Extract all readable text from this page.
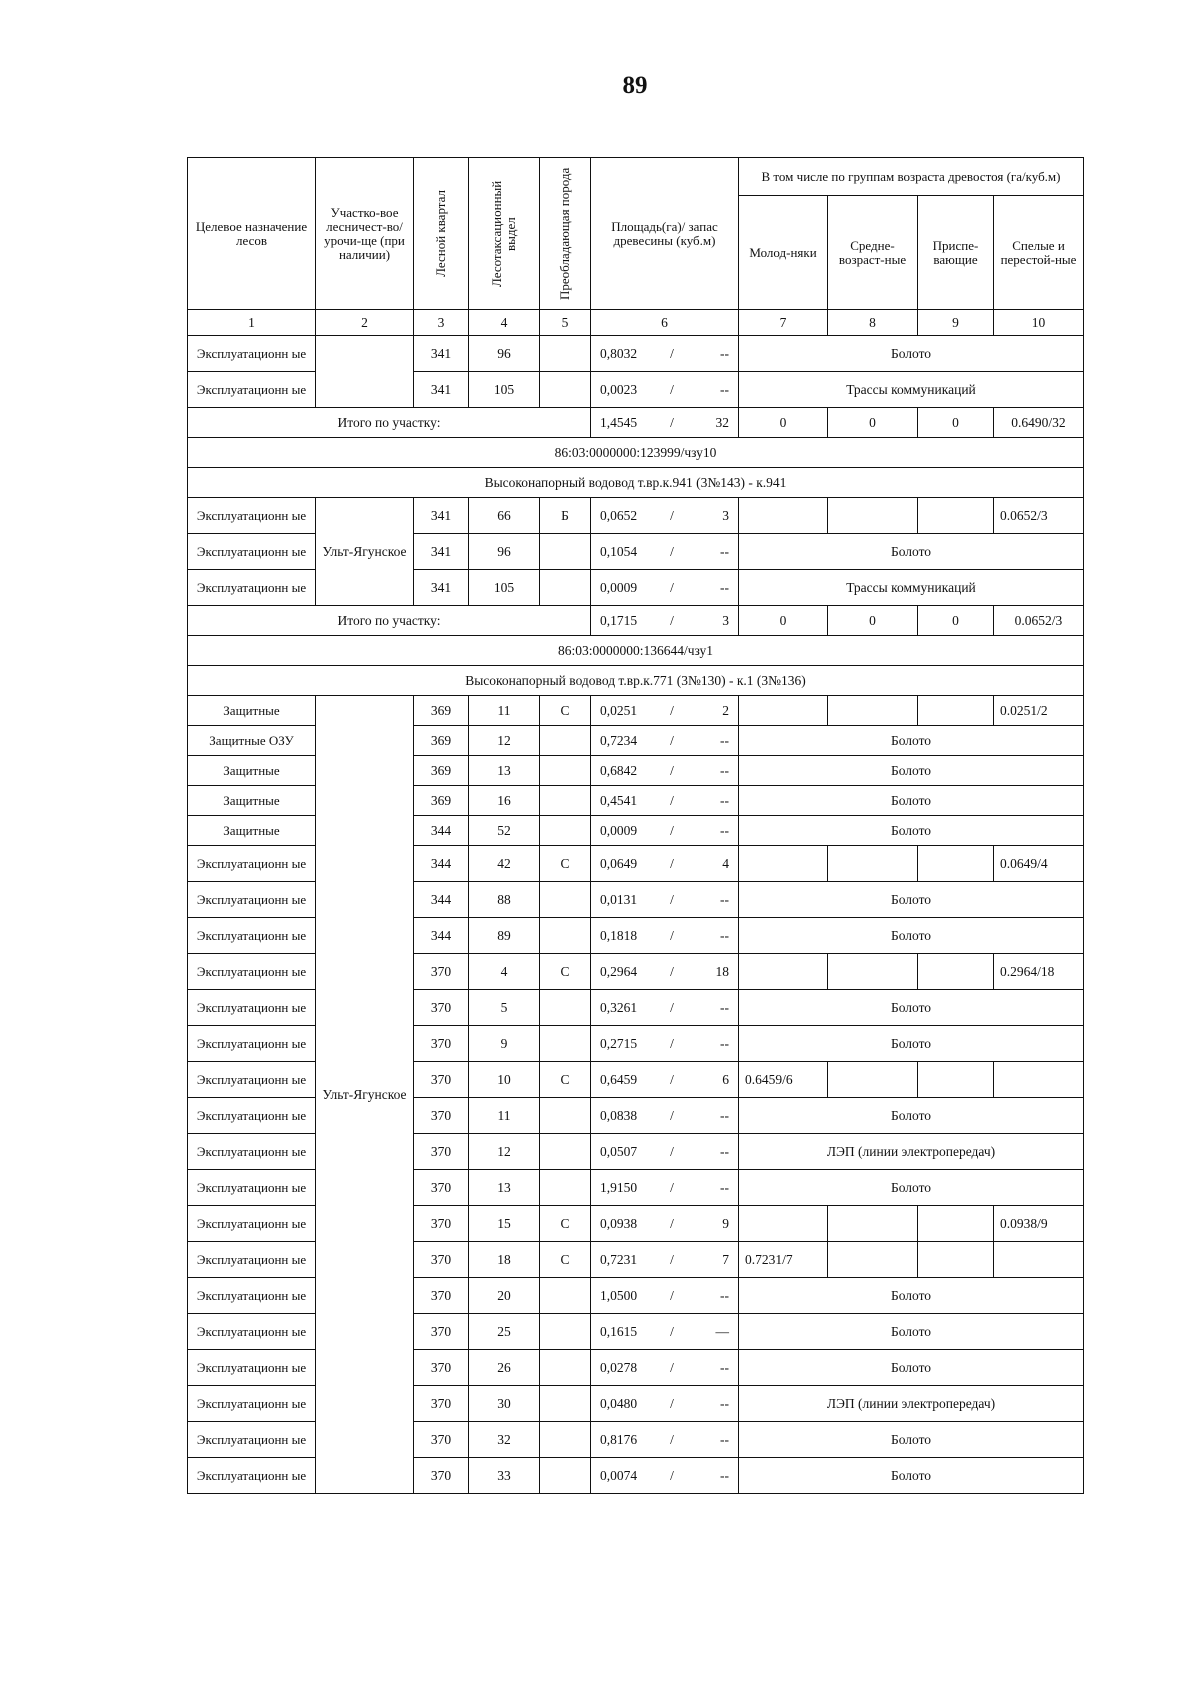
89
Целевое назначение лесов	Участко-вое лесничест-во/урочи-ще (при наличии)	Лесной квартал	Лесотаксационный выдел	Преобладающая порода	Площадь(га)/ запас древесины (куб.м)	В том числе по группам возраста древостоя (га/куб.м)			
						Молод-няки	Средне-возраст-ные	Приспе-вающие	Спелые и перестой-ные
1	2	3	4	5	6	7	8	9	10
Эксплуатационн ые		341	96		0,8032 / --	Болото			
Эксплуатационн ые		341	105		0,0023 / --	Трассы коммуникаций			
Итого по участку:					1,4545 / 32	0	0	0	0.6490/32
86:03:0000000:123999/чзу10									
Высоконапорный водовод т.вр.к.941 (3№143) - к.941									
Эксплуатационн ые	Ульт-Ягунское	341	66	Б	0,0652 / 3				0.0652/3
Эксплуатационн ые		341	96		0,1054 / --	Болото			
Эксплуатационн ые		341	105		0,0009 / --	Трассы коммуникаций			
Итого по участку:					0,1715 / 3	0	0	0	0.0652/3
86:03:0000000:136644/чзу1									
Высоконапорный водовод т.вр.к.771 (3№130) - к.1 (3№136)									
Защитные	Ульт-Ягунское	369	11	С	0,0251 / 2				0.0251/2
Защитные ОЗУ		369	12		0,7234 / --	Болото			
Защитные		369	13		0,6842 / --	Болото			
Защитные		369	16		0,4541 / --	Болото			
Защитные		344	52		0,0009 / --	Болото			
Эксплуатационн ые		344	42	С	0,0649 / 4				0.0649/4
Эксплуатационн ые		344	88		0,0131 / --	Болото			
Эксплуатационн ые		344	89		0,1818 / --	Болото			
Эксплуатационн ые		370	4	С	0,2964 / 18				0.2964/18
Эксплуатационн ые		370	5		0,3261 / --	Болото			
Эксплуатационн ые		370	9		0,2715 / --	Болото			
Эксплуатационн ые		370	10	С	0,6459 / 6	0.6459/6			
Эксплуатационн ые		370	11		0,0838 / --	Болото			
Эксплуатационн ые		370	12		0,0507 / --	ЛЭП (линии электропередач)			
Эксплуатационн ые		370	13		1,9150 / --	Болото			
Эксплуатационн ые		370	15	С	0,0938 / 9				0.0938/9
Эксплуатационн ые		370	18	С	0,7231 / 7	0.7231/7			
Эксплуатационн ые		370	20		1,0500 / --	Болото			
Эксплуатационн ые		370	25		0,1615 / —	Болото			
Эксплуатационн ые		370	26		0,0278 / --	Болото			
Эксплуатационн ые		370	30		0,0480 / --	ЛЭП (линии электропередач)			
Эксплуатационн ые		370	32		0,8176 / --	Болото			
Эксплуатационн ые		370	33		0,0074 / --	Болото			
